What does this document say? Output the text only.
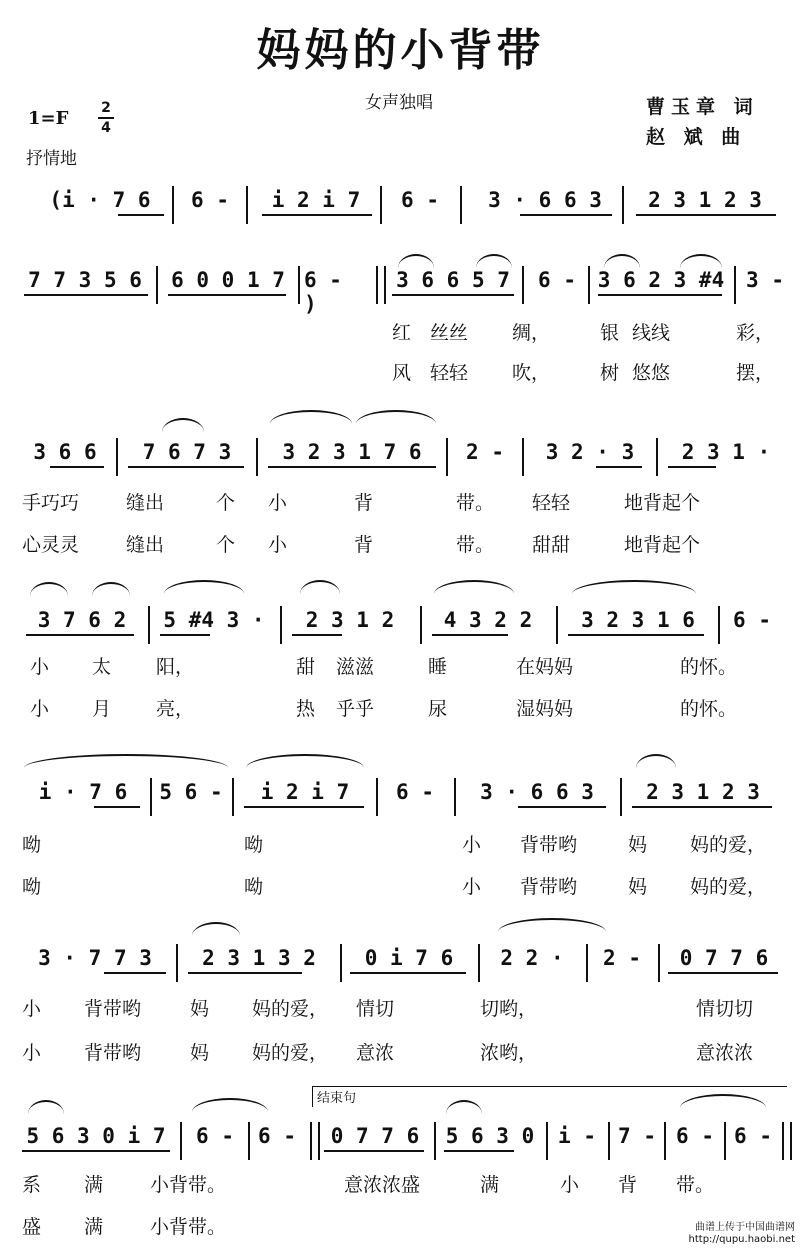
妈妈的小背带
女声独唱	曹玉章 词
赵 斌 曲
1=F 2
4
抒情地
(i · 7 6	6 -	i 2 i 7	6 -	3 · 6 6 3	2 3 1 2 3
7 7 3 5 6	6 0 0 1 7 6 - )
3 6 6 5 7	6 -	3 6 2 3 #4 3 -
红 丝丝 绸，	银 线线	彩，
风 轻轻 吹，	树 悠悠	摆，
3 6 6	7 6 7 3	3 2 3 1 7 6	2 -	3 2 · 3	2 3 1 ·
手巧巧 缝出	个 小	背	带。 轻轻	地背起个
心灵灵 缝出	个 小	背	带。 甜甜	地背起个
3 7 6 2	5 #4 3 ·	2 3 1 2	4 3 2 2	3 2 3 1 6	6 -
小 太 阳，	甜 滋滋	睡	在妈妈	的怀。
小 月 亮，	热 乎乎	尿	湿妈妈	的怀。
i · 7 6	5 6 -	i 2 i 7	6 -	3 · 6 6 3	2 3 1 2 3
呦	呦	小 背带哟	妈 妈的爱，
呦	呦	小 背带哟	妈 妈的爱，
3 · 7 7 3	2 3 1 3 2	0 i 7 6	2 2 ·	2 -	0 7 7 6
小 背带哟	妈 妈的爱， 情切	切哟，	情切切
小 背带哟	妈 妈的爱， 意浓	浓哟，	意浓浓
结束句
5 6 3 0 i 7	6 -	6 -	0 7 7 6	5 6 3 0 i - 7 - 6 - 6 -
系 满 小背带。	意浓浓盛	满	小 背 带。
盛 满 小背带。	曲谱上传于中国曲谱网
http://qupu.haobi.net
